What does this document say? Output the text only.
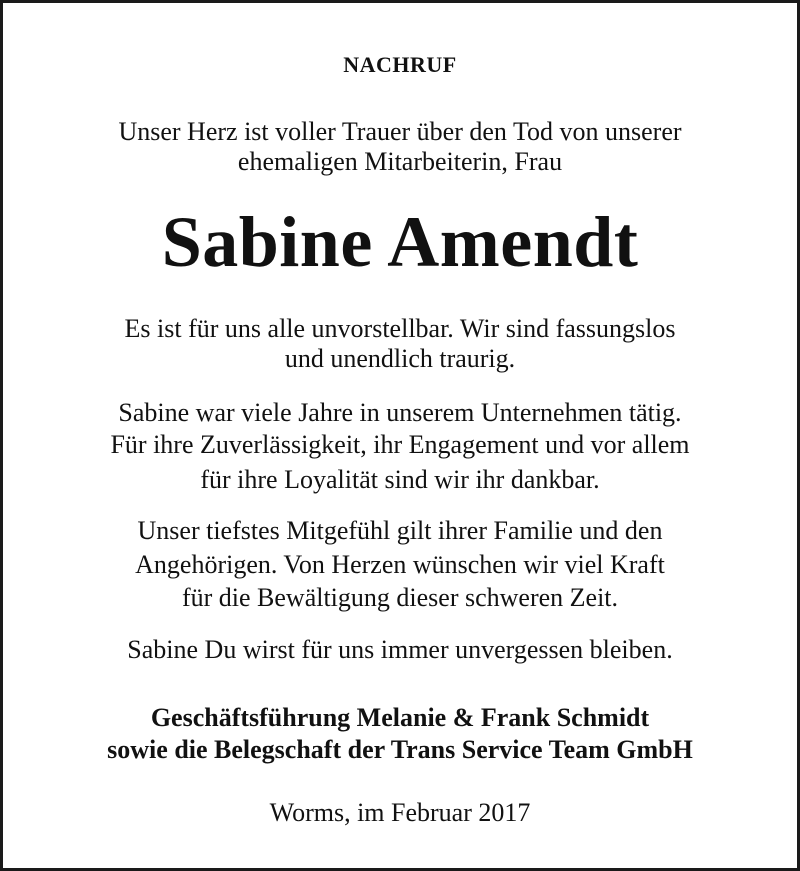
NACHRUF
Unser Herz ist voller Trauer über den Tod von unserer
ehemaligen Mitarbeiterin, Frau
Sabine Amendt
Es ist für uns alle unvorstellbar. Wir sind fassungslos
und unendlich traurig.
Sabine war viele Jahre in unserem Unternehmen tätig.
Für ihre Zuverlässigkeit, ihr Engagement und vor allem
für ihre Loyalität sind wir ihr dankbar.
Unser tiefstes Mitgefühl gilt ihrer Familie und den
Angehörigen. Von Herzen wünschen wir viel Kraft
für die Bewältigung dieser schweren Zeit.
Sabine Du wirst für uns immer unvergessen bleiben.
Geschäftsführung Melanie & Frank Schmidt
sowie die Belegschaft der Trans Service Team GmbH
Worms, im Februar 2017
